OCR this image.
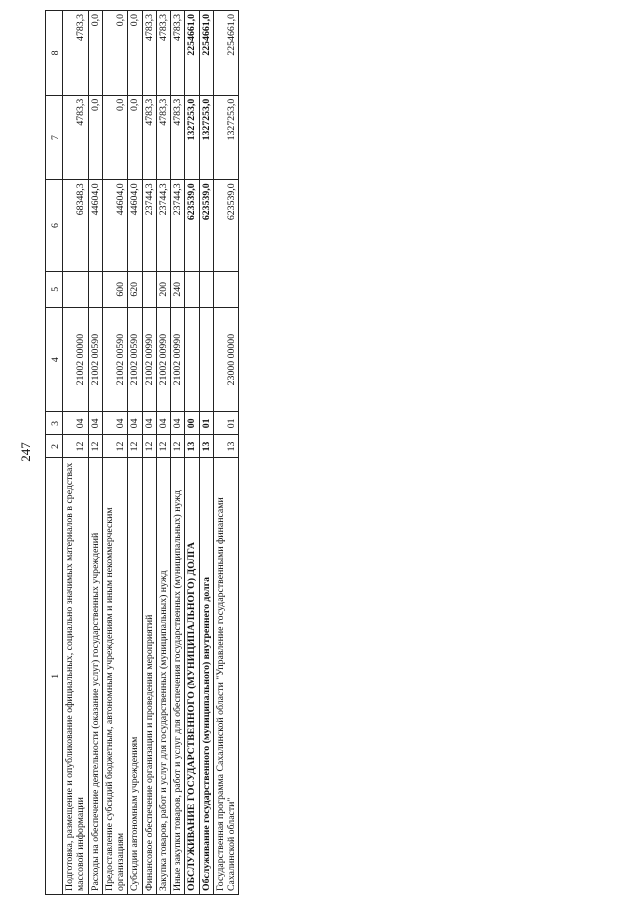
247
1	2	3	4	5	6	7	8
Подготовка, размещение и опубликование официальных, социально значимых материалов в средствах массовой информации	12	04	21002 00000		68348,3	4783,3	4783,3
Расходы на обеспечение деятельности (оказание услуг) государственных учреждений	12	04	21002 00590		44604,0	0,0	0,0
Предоставление субсидий бюджетным, автономным учреждениям и иным некоммерческим организациям	12	04	21002 00590	600	44604,0	0,0	0,0
Субсидии автономным учреждениям	12	04	21002 00590	620	44604,0	0,0	0,0
Финансовое обеспечение организации и проведения мероприятий	12	04	21002 00990		23744,3	4783,3	4783,3
Закупка товаров, работ и услуг для государственных (муниципальных) нужд	12	04	21002 00990	200	23744,3	4783,3	4783,3
Иные закупки товаров, работ и услуг для обеспечения государственных (муниципальных) нужд	12	04	21002 00990	240	23744,3	4783,3	4783,3
ОБСЛУЖИВАНИЕ ГОСУДАРСТВЕННОГО (МУНИЦИПАЛЬНОГО) ДОЛГА	13	00			623539,0	1327253,0	2254661,0
Обслуживание государственного (муниципального) внутреннего долга	13	01			623539,0	1327253,0	2254661,0
Государственная программа Сахалинской области "Управление государственными финансами Сахалинской области"	13	01	23000 00000		623539,0	1327253,0	2254661,0
